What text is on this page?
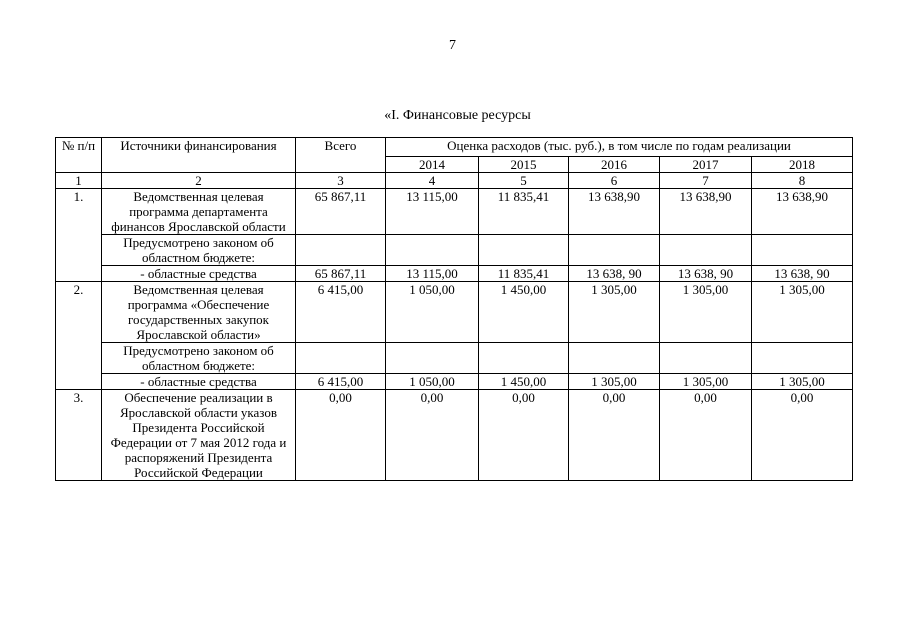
7
«I. Финансовые ресурсы
№ п/п	Источники финансирования	Всего	Оценка расходов (тыс. руб.), в том числе по годам реализации				
			2014	2015	2016	2017	2018
1	2	3	4	5	6	7	8
1.	Ведомственная целевая программа департамента финансов Ярославской области	65 867,11	13 115,00	11 835,41	13 638,90	13 638,90	13 638,90
	Предусмотрено законом об областном бюджете:						
	- областные средства	65 867,11	13 115,00	11 835,41	13 638, 90	13 638, 90	13 638, 90
2.	Ведомственная целевая программа «Обеспечение государственных закупок Ярославской области»	6 415,00	1 050,00	1 450,00	1 305,00	1 305,00	1 305,00
	Предусмотрено законом об областном бюджете:						
	- областные средства	6 415,00	1 050,00	1 450,00	1 305,00	1 305,00	1 305,00
3.	Обеспечение реализации в Ярославской области указов Президента Российской Федерации от 7 мая 2012 года и распоряжений Президента Российской Федерации	0,00	0,00	0,00	0,00	0,00	0,00
